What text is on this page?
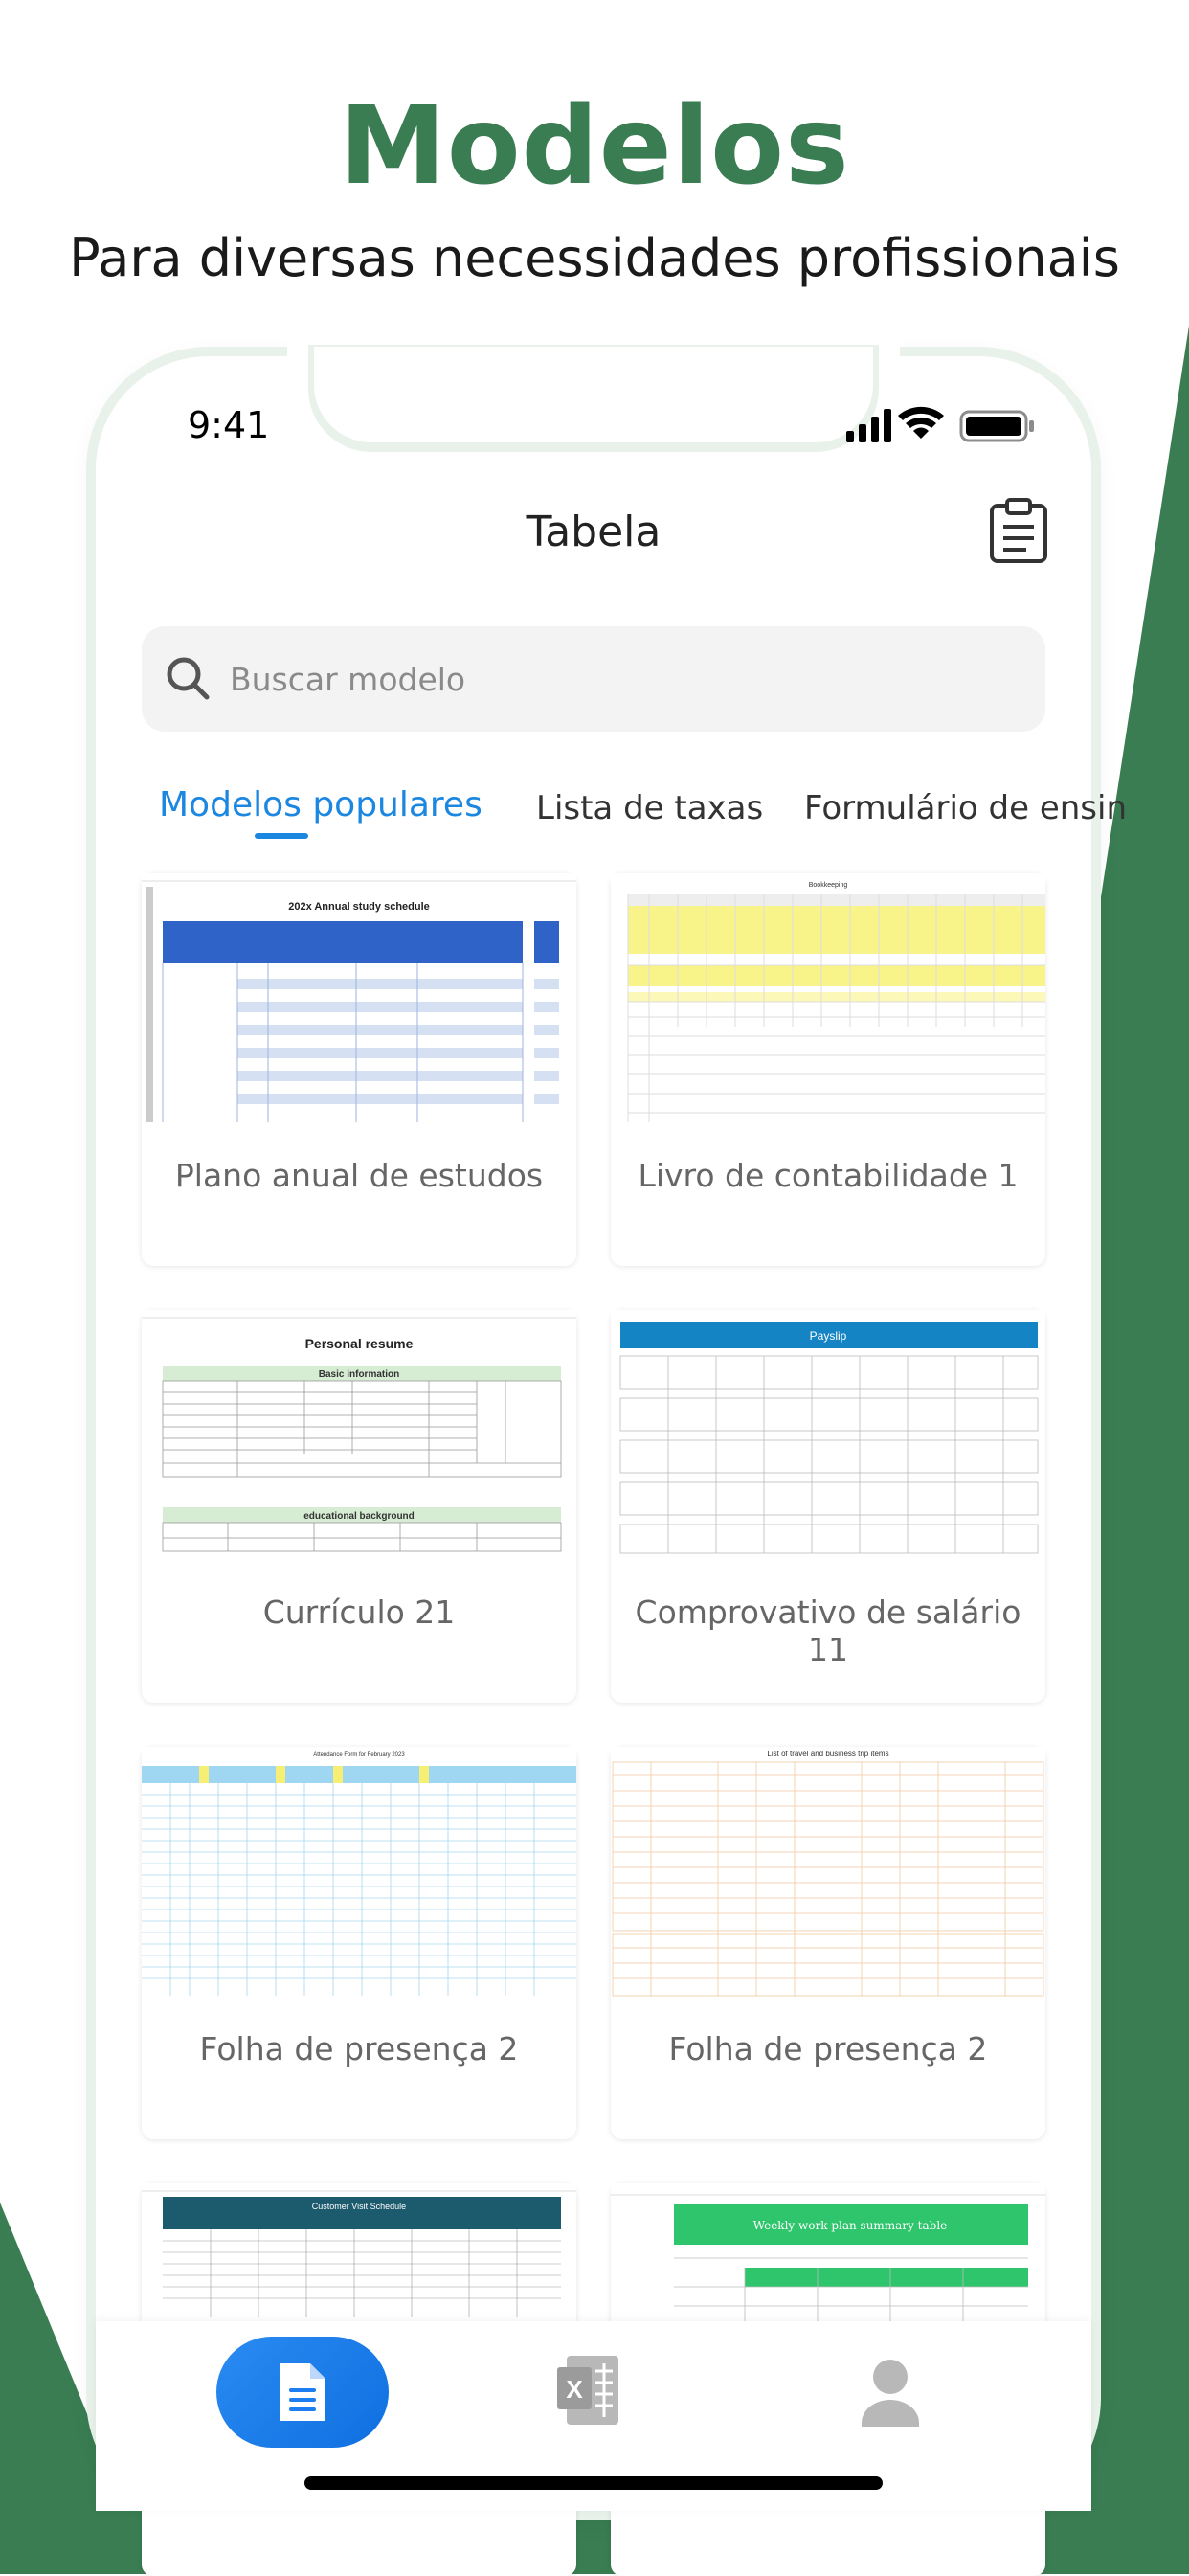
Modelos
Para diversas necessidades profissionais
9:41
Tabela
Buscar modelo
Modelos populares Lista de taxas Formulário de ensin
202x Annual study schedule
Plano anual de estudos
Bookkeeping
Livro de contabilidade 1
Personal resume
Basic information
educational background
Currículo 21
Payslip
Comprovativo de salário 11
Attendance Form for February 2023
Folha de presença 2
List of travel and business trip items
Folha de presença 2
Customer Visit Schedule
Weekly work plan summary table
X
